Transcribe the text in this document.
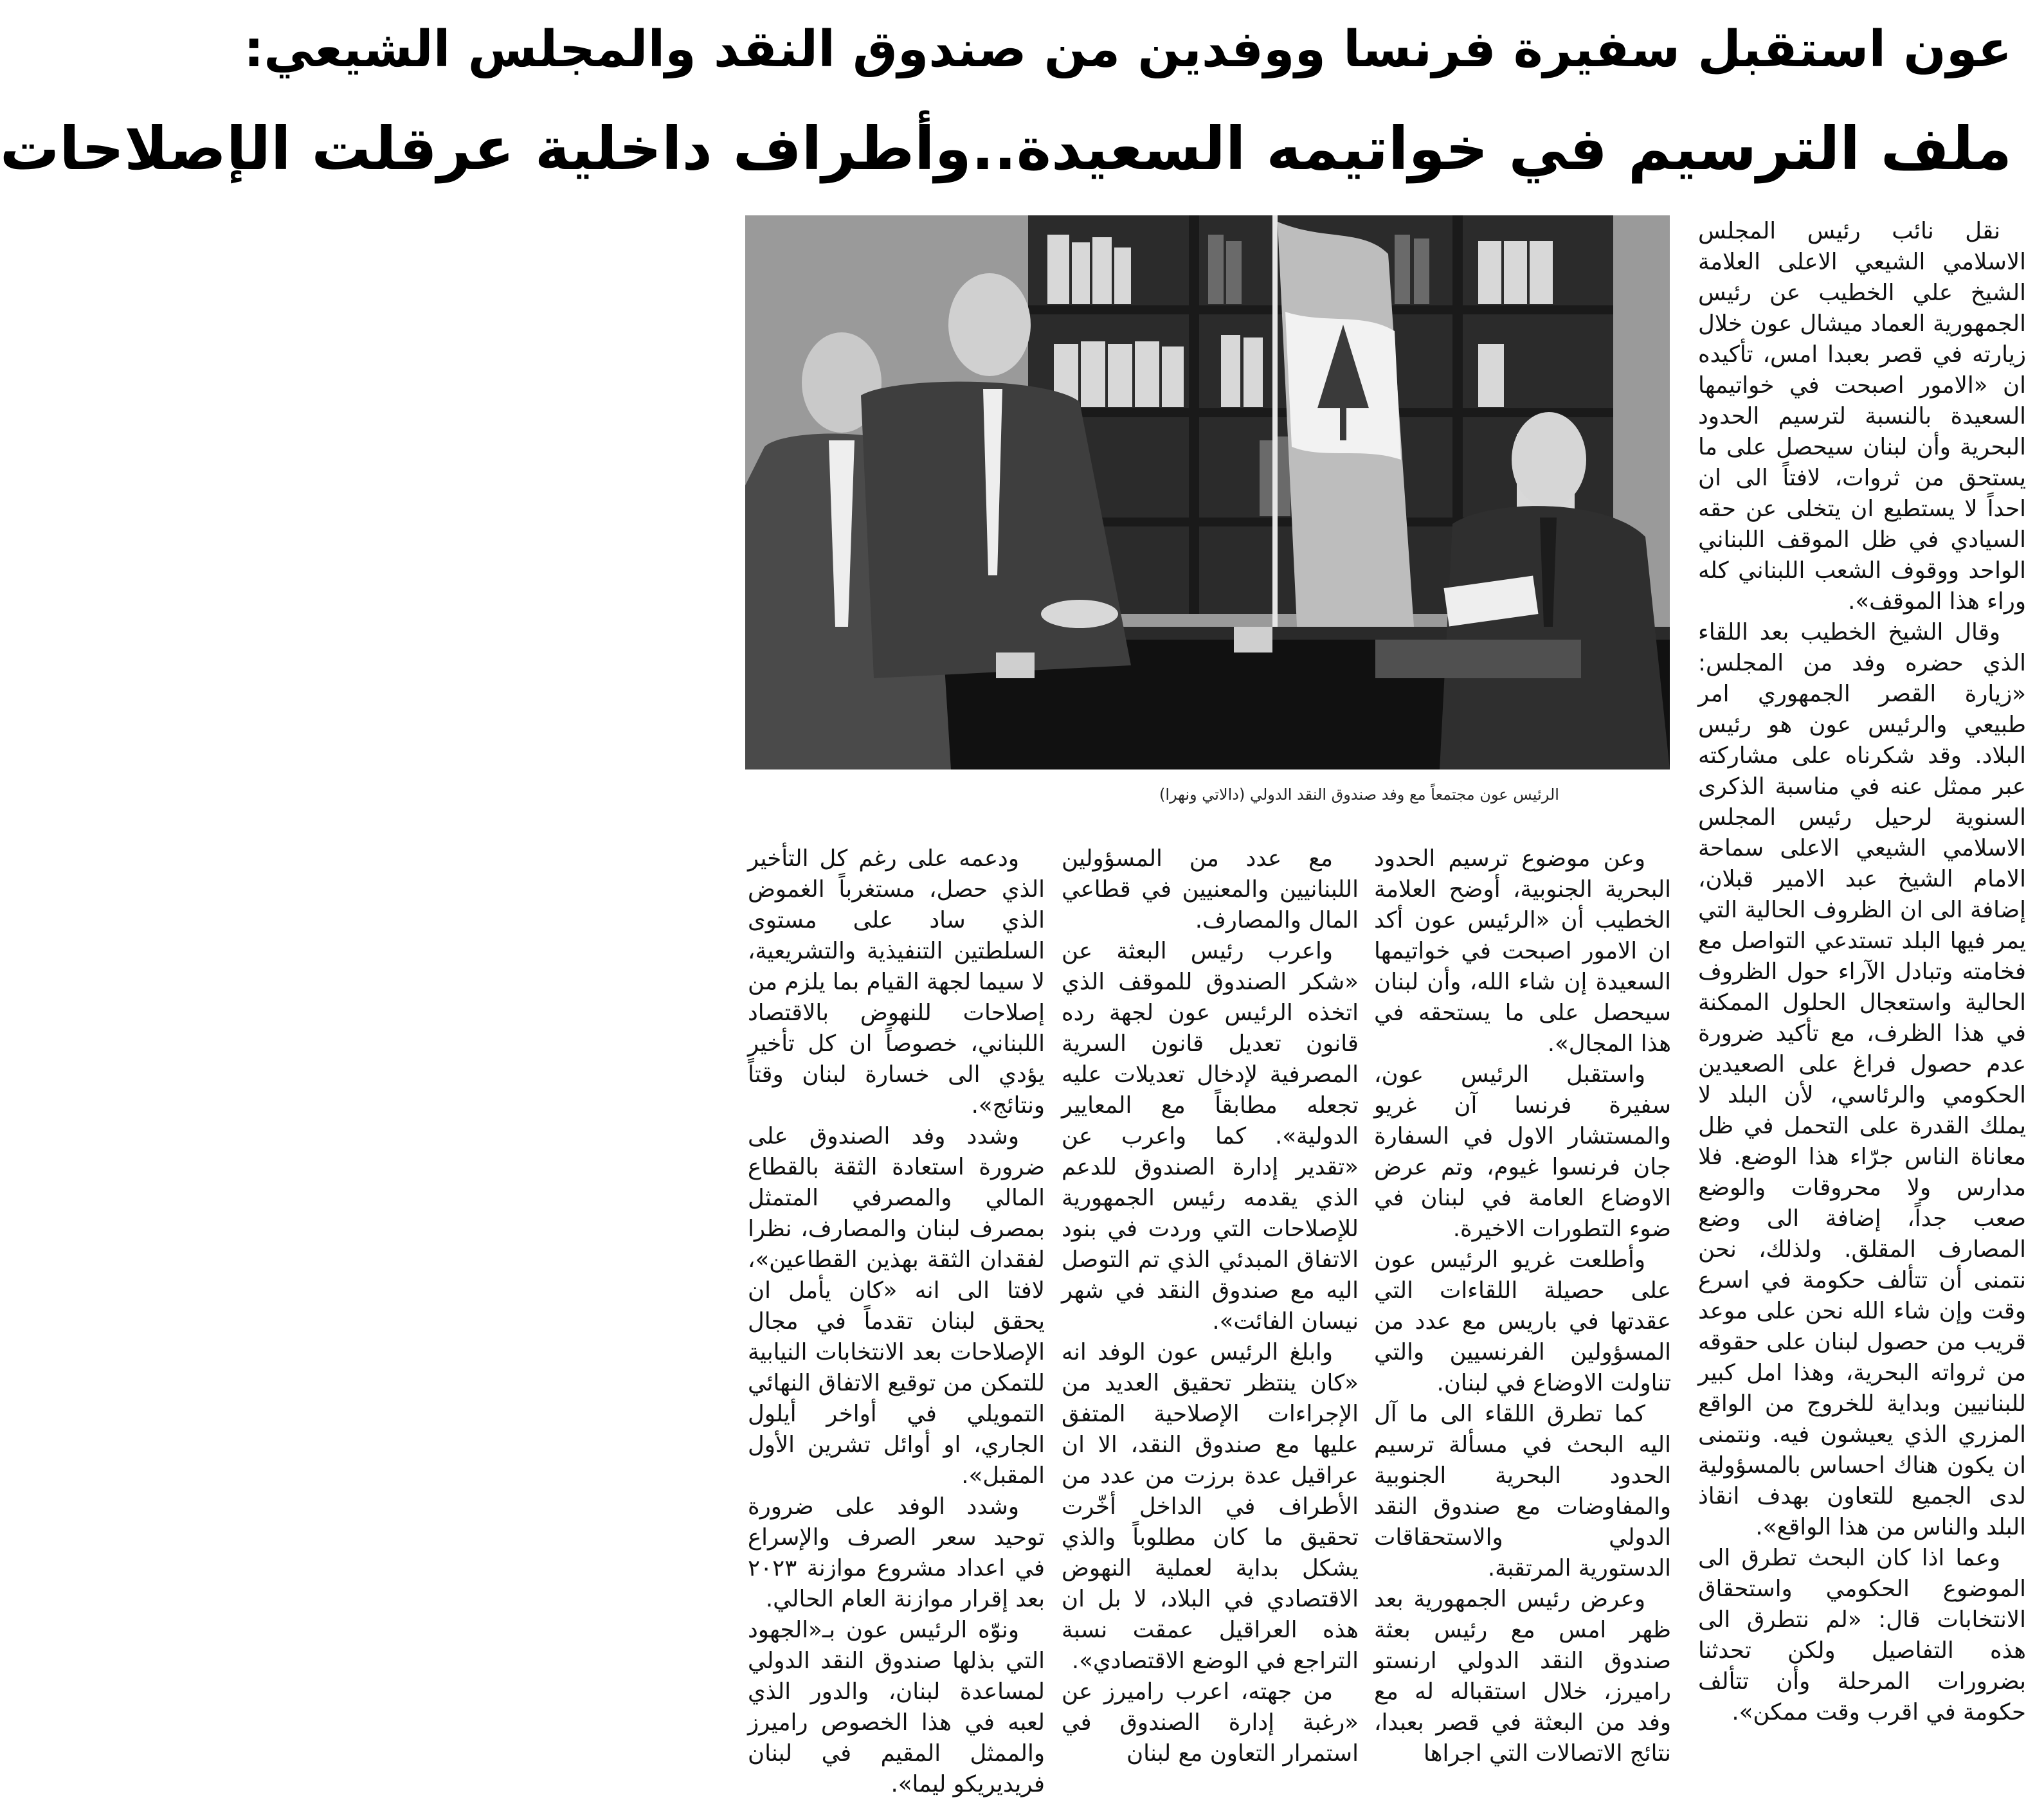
عون استقبل سفيرة فرنسا ووفدين من صندوق النقد والمجلس الشيعي:
ملف الترسيم في خواتيمه السعيدة..وأطراف داخلية عرقلت الإصلاحات
الرئيس عون مجتمعاً مع وفد صندوق النقد الدولي (دالاتي ونهرا)

نقل نائب رئيس المجلس الاسلامي الشيعي الاعلى العلامة الشيخ علي الخطيب عن رئيس الجمهورية العماد ميشال عون خلال زيارته في قصر بعبدا امس، تأكيده ان «الامور اصبحت في خواتيمها السعيدة بالنسبة لترسيم الحدود البحرية وأن لبنان سيحصل على ما يستحق من ثروات، لافتاً الى ان احداً لا يستطيع ان يتخلى عن حقه السيادي في ظل الموقف اللبناني الواحد ووقوف الشعب اللبناني كله وراء هذا الموقف».

وقال الشيخ الخطيب بعد اللقاء الذي حضره وفد من المجلس: «زيارة القصر الجمهوري امر طبيعي والرئيس عون هو رئيس البلاد. وقد شكرناه على مشاركته عبر ممثل عنه في مناسبة الذكرى السنوية لرحيل رئيس المجلس الاسلامي الشيعي الاعلى سماحة الامام الشيخ عبد الامير قبلان، إضافة الى ان الظروف الحالية التي يمر فيها البلد تستدعي التواصل مع فخامته وتبادل الآراء حول الظروف الحالية واستعجال الحلول الممكنة في هذا الظرف، مع تأكيد ضرورة عدم حصول فراغ على الصعيدين الحكومي والرئاسي، لأن البلد لا يملك القدرة على التحمل في ظل معاناة الناس جرّاء هذا الوضع. فلا مدارس ولا محروقات والوضع صعب جداً، إضافة الى وضع المصارف المقلق. ولذلك، نحن نتمنى أن تتألف حكومة في اسرع وقت وإن شاء الله نحن على موعد قريب من حصول لبنان على حقوقه من ثرواته البحرية، وهذا امل كبير للبنانيين وبداية للخروج من الواقع المزري الذي يعيشون فيه. ونتمنى ان يكون هناك احساس بالمسؤولية لدى الجميع للتعاون بهدف انقاذ البلد والناس من هذا الواقع».

وعما اذا كان البحث تطرق الى الموضوع الحكومي واستحقاق الانتخابات قال: «لم نتطرق الى هذه التفاصيل ولكن تحدثنا بضرورات المرحلة وأن تتألف حكومة في اقرب وقت ممكن».

وعن موضوع ترسيم الحدود البحرية الجنوبية، أوضح العلامة الخطيب أن «الرئيس عون أكد ان الامور اصبحت في خواتيمها السعيدة إن شاء الله، وأن لبنان سيحصل على ما يستحقه في هذا المجال».

واستقبل الرئيس عون، سفيرة فرنسا آن غريو والمستشار الاول في السفارة جان فرنسوا غيوم، وتم عرض الاوضاع العامة في لبنان في ضوء التطورات الاخيرة.

وأطلعت غريو الرئيس عون على حصيلة اللقاءات التي عقدتها في باريس مع عدد من المسؤولين الفرنسيين والتي تناولت الاوضاع في لبنان.

كما تطرق اللقاء الى ما آل اليه البحث في مسألة ترسيم الحدود البحرية الجنوبية والمفاوضات مع صندوق النقد الدولي والاستحقاقات الدستورية المرتقبة.

وعرض رئيس الجمهورية بعد ظهر امس مع رئيس بعثة صندوق النقد الدولي ارنستو راميرز، خلال استقباله له مع وفد من البعثة في قصر بعبدا، نتائج الاتصالات التي اجراها

مع عدد من المسؤولين اللبنانيين والمعنيين في قطاعي المال والمصارف.

واعرب رئيس البعثة عن «شكر الصندوق للموقف الذي اتخذه الرئيس عون لجهة رده قانون تعديل قانون السرية المصرفية لإدخال تعديلات عليه تجعله مطابقاً مع المعايير الدولية». كما واعرب عن «تقدير إدارة الصندوق للدعم الذي يقدمه رئيس الجمهورية للإصلاحات التي وردت في بنود الاتفاق المبدئي الذي تم التوصل اليه مع صندوق النقد في شهر نيسان الفائت».

وابلغ الرئيس عون الوفد انه «كان ينتظر تحقيق العديد من الإجراءات الإصلاحية المتفق عليها مع صندوق النقد، الا ان عراقيل عدة برزت من عدد من الأطراف في الداخل أخّرت تحقيق ما كان مطلوباً والذي يشكل بداية لعملية النهوض الاقتصادي في البلاد، لا بل ان هذه العراقيل عمقت نسبة التراجع في الوضع الاقتصادي».

من جهته، اعرب راميرز عن «رغبة إدارة الصندوق في استمرار التعاون مع لبنان

ودعمه على رغم كل التأخير الذي حصل، مستغرباً الغموض الذي ساد على مستوى السلطتين التنفيذية والتشريعية، لا سيما لجهة القيام بما يلزم من إصلاحات للنهوض بالاقتصاد اللبناني، خصوصاً ان كل تأخير يؤدي الى خسارة لبنان وقتاً ونتائج».

وشدد وفد الصندوق على ضرورة استعادة الثقة بالقطاع المالي والمصرفي المتمثل بمصرف لبنان والمصارف، نظرا لفقدان الثقة بهذين القطاعين»، لافتا الى انه «كان يأمل ان يحقق لبنان تقدماً في مجال الإصلاحات بعد الانتخابات النيابية للتمكن من توقيع الاتفاق النهائي التمويلي في أواخر أيلول الجاري، او أوائل تشرين الأول المقبل».

وشدد الوفد على ضرورة توحيد سعر الصرف والإسراع في اعداد مشروع موازنة ٢٠٢٣ بعد إقرار موازنة العام الحالي.

ونوّه الرئيس عون بـ«الجهود التي بذلها صندوق النقد الدولي لمساعدة لبنان، والدور الذي لعبه في هذا الخصوص راميرز والممثل المقيم في لبنان فريديريكو ليما».
